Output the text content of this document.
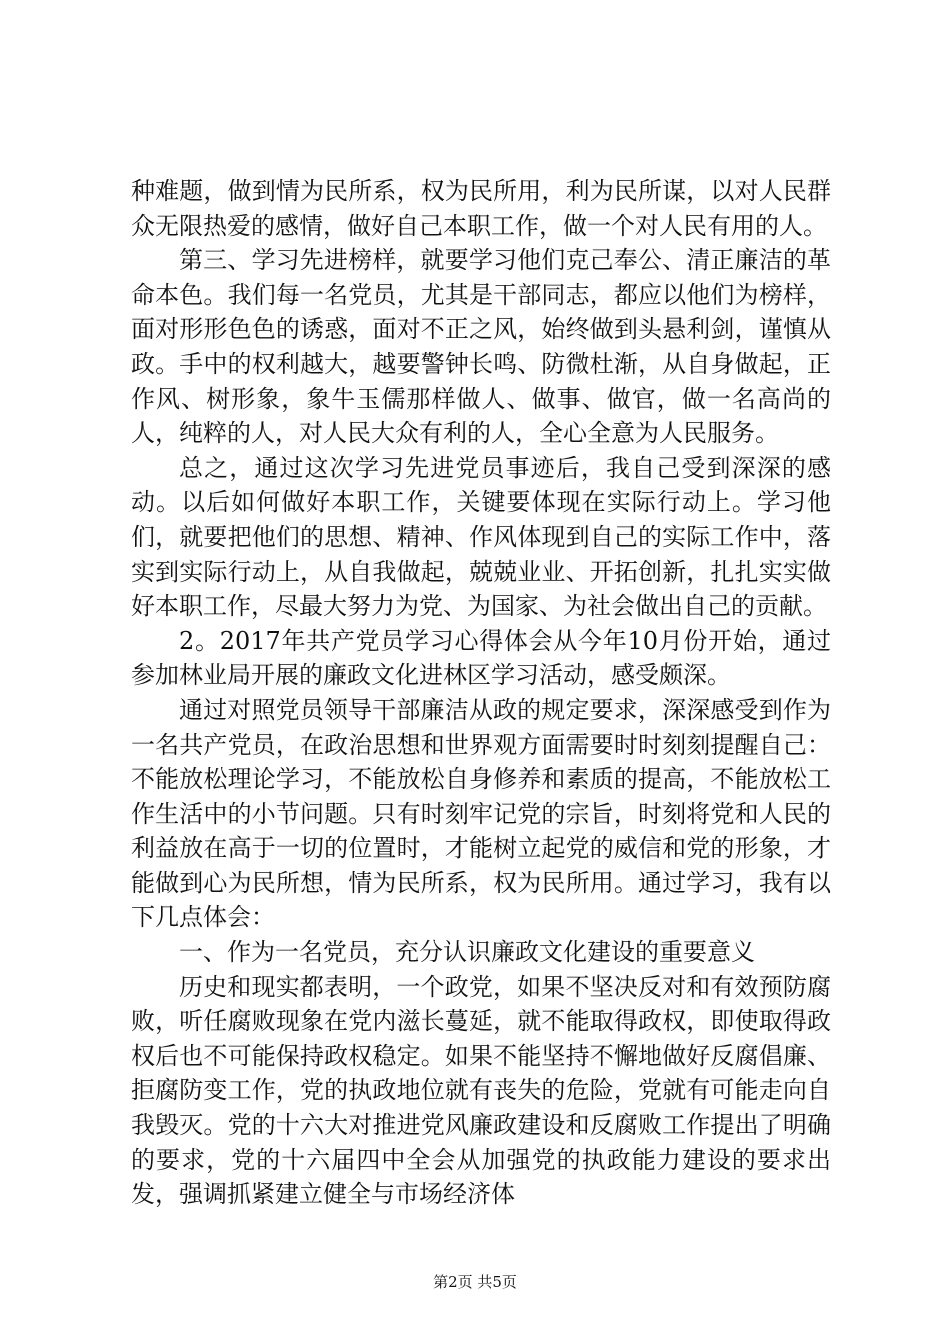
种难题，做到情为民所系，权为民所用，利为民所谋，以对人民群众无限热爱的感情，做好自己本职工作，做一个对人民有用的人。

第三、学习先进榜样，就要学习他们克己奉公、清正廉洁的革命本色。我们每一名党员，尤其是干部同志，都应以他们为榜样，面对形形色色的诱惑，面对不正之风，始终做到头悬利剑，谨慎从政。手中的权利越大，越要警钟长鸣、防微杜渐，从自身做起，正作风、树形象，象牛玉儒那样做人、做事、做官，做一名高尚的人，纯粹的人，对人民大众有利的人，全心全意为人民服务。

总之，通过这次学习先进党员事迹后，我自己受到深深的感动。以后如何做好本职工作，关键要体现在实际行动上。学习他们，就要把他们的思想、精神、作风体现到自己的实际工作中，落实到实际行动上，从自我做起，兢兢业业、开拓创新，扎扎实实做好本职工作，尽最大努力为党、为国家、为社会做出自己的贡献。

2。2017年共产党员学习心得体会从今年10月份开始，通过参加林业局开展的廉政文化进林区学习活动，感受颇深。

通过对照党员领导干部廉洁从政的规定要求，深深感受到作为一名共产党员，在政治思想和世界观方面需要时时刻刻提醒自己：不能放松理论学习，不能放松自身修养和素质的提高，不能放松工作生活中的小节问题。只有时刻牢记党的宗旨，时刻将党和人民的利益放在高于一切的位置时，才能树立起党的威信和党的形象，才能做到心为民所想，情为民所系，权为民所用。通过学习，我有以下几点体会：

一、作为一名党员，充分认识廉政文化建设的重要意义

历史和现实都表明，一个政党，如果不坚决反对和有效预防腐败，听任腐败现象在党内滋长蔓延，就不能取得政权，即使取得政权后也不可能保持政权稳定。如果不能坚持不懈地做好反腐倡廉、拒腐防变工作，党的执政地位就有丧失的危险，党就有可能走向自我毁灭。党的十六大对推进党风廉政建设和反腐败工作提出了明确的要求，党的十六届四中全会从加强党的执政能力建设的要求出发，强调抓紧建立健全与市场经济体

第2页 共5页
